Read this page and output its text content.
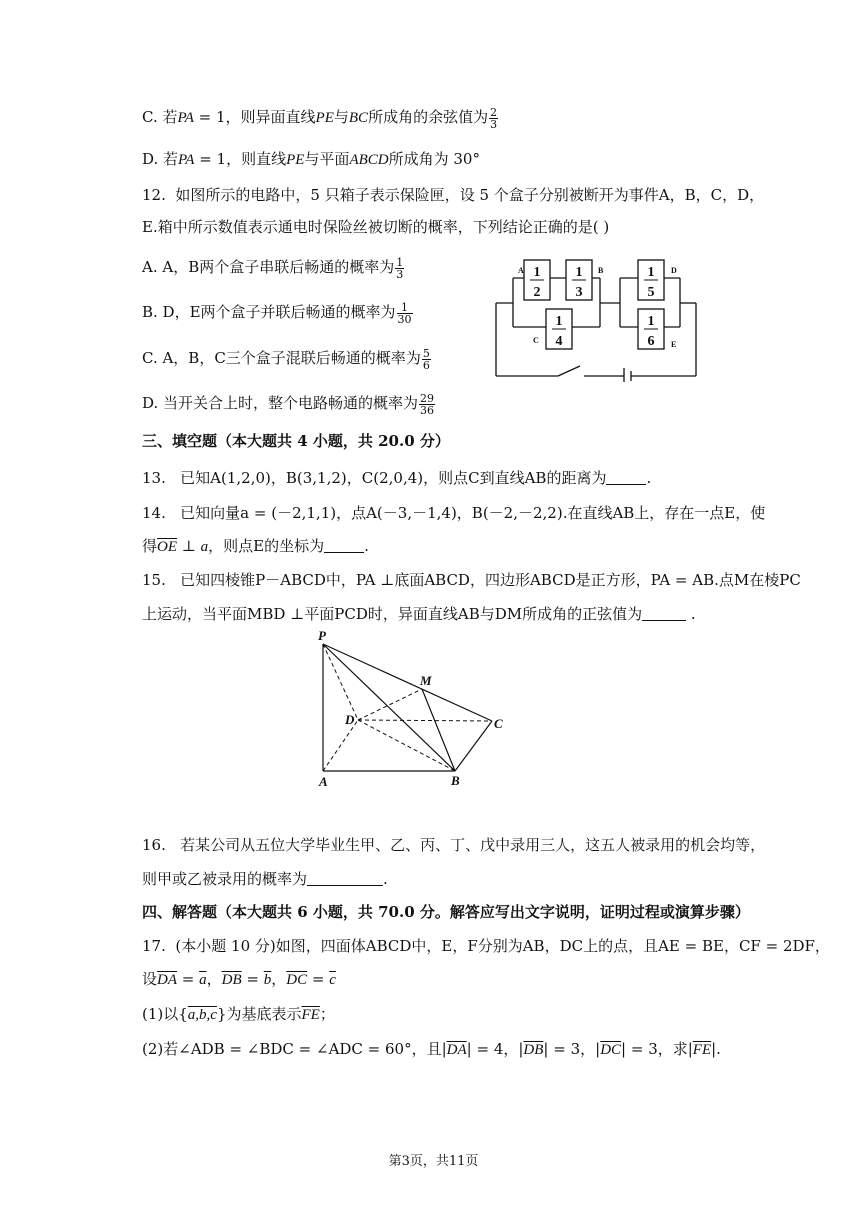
C. 若PA = 1，则异面直线PE与BC所成角的余弦值为 $\frac{2}{3}$
D. 若PA = 1，则直线PE与平面ABCD所成角为 30°
12. 如图所示的电路中，5 只箱子表示保险匣，设 5 个盒子分别被断开为事件A，B，C，D，
E.箱中所示数值表示通电时保险丝被切断的概率，下列结论正确的是( )
A. A，B两个盒子串联后畅通的概率为 $\frac{1}{3}$
B. D，E两个盒子并联后畅通的概率为 $\frac{1}{30}$
C. A，B，C三个盒子混联后畅通的概率为 $\frac{5}{6}$
D. 当开关合上时，整个电路畅通的概率为 $\frac{29}{36}$
1
2
1
3
1
5
1
4
1
6
A	B	D
C	E
三、填空题（本大题共 4 小题，共 20.0 分）
13. 已知A(1,2,0)，B(3,1,2)，C(2,0,4)，则点C到直线AB的距离为	.
14. 已知向量a = (－2,1,1)，点A(－3,－1,4)，B(－2,－2,2).在直线AB上，存在一点E，使
得$\overline{OE}$ ⊥ a，则点E的坐标为	.
15. 已知四棱锥P－ABCD中，PA ⊥底面ABCD，四边形ABCD是正方形，PA = AB.点M在棱PC
上运动，当平面MBD ⊥平面PCD时，异面直线AB与DM所成角的正弦值为	.
P
M
D	C
A	B
16. 若某公司从五位大学毕业生甲、乙、丙、丁、戊中录用三人，这五人被录用的机会均等，
则甲或乙被录用的概率为	.
四、解答题（本大题共 6 小题，共 70.0 分。解答应写出文字说明，证明过程或演算步骤）
17. (本小题 10 分)如图，四面体ABCD中，E，F分别为AB，DC上的点，且AE = BE，CF = 2DF，
设$\overline{DA} = \overline{a}$，$\overline{DB} = \overline{b}$，$\overline{DC} = \overline{c}$
(1)以{a,b,c}为基底表示$\overline{FE}$；
(2)若∠ADB = ∠BDC = ∠ADC = 60°，且$|\overline{DA}| = 4$，$|\overline{DB}| = 3$，$|\overline{DC}| = 3$，求$|\overline{FE}|$.
第3页，共11页
